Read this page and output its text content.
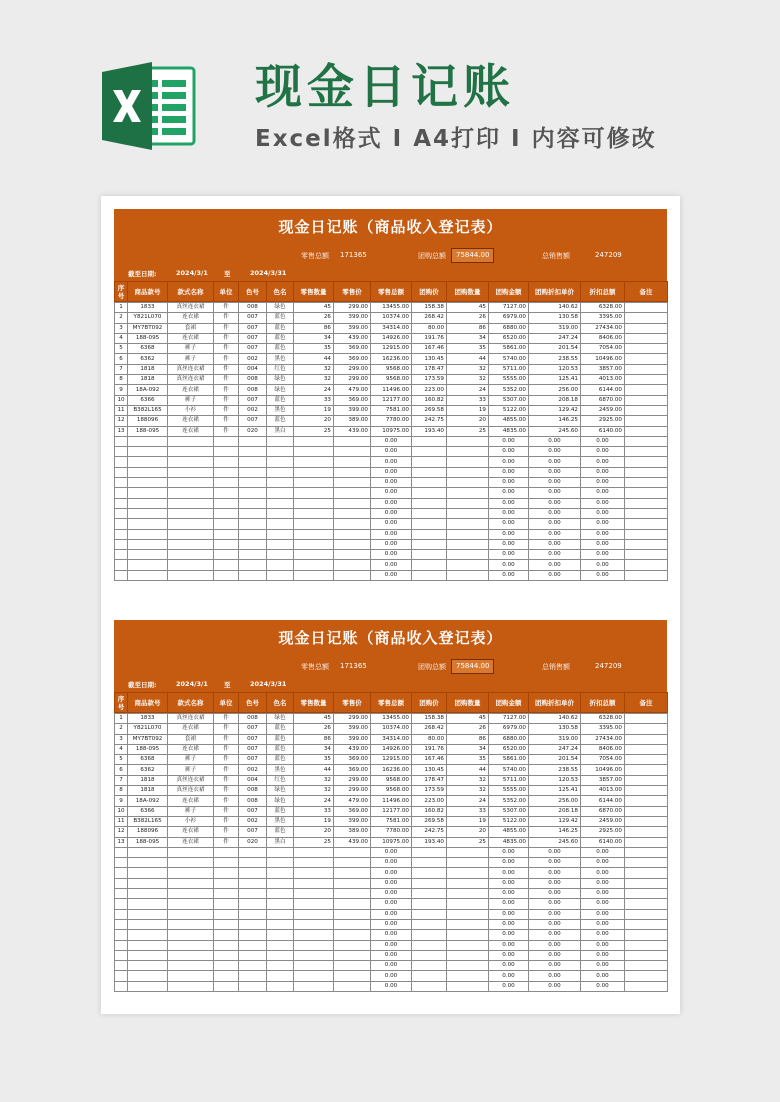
现金日记账
Excel格式 I A4打印 I 内容可修改
现金日记账（商品收入登记表）
零售总额 171365	团购总额	75844.00	总销售额	247209
截至日期:	2024/3/1 至	2024/3/31
序号	商品款号	款式名称	单位	色号	色名	零售数量	零售价	零售总额	团购价	团购数量	团购金额	团购折扣单价	折扣总额	备注
1	1833	真丝连衣裙	件	008	绿色	45	299.00	13455.00	158.38	45	7127.00	140.62	6328.00	
2	Y821L070	连衣裙	件	007	蓝色	26	399.00	10374.00	268.42	26	6979.00	130.58	3395.00	
3	MY7BT092	套裙	件	007	蓝色	86	399.00	34314.00	80.00	86	6880.00	319.00	27434.00	
4	188-095	连衣裙	件	007	蓝色	34	439.00	14926.00	191.76	34	6520.00	247.24	8406.00	
5	6368	裤子	件	007	蓝色	35	369.00	12915.00	167.46	35	5861.00	201.54	7054.00	
6	6362	裤子	件	002	黑色	44	369.00	16236.00	130.45	44	5740.00	238.55	10496.00	
7	1818	真丝连衣裙	件	004	红色	32	299.00	9568.00	178.47	32	5711.00	120.53	3857.00	
8	1818	真丝连衣裙	件	008	绿色	32	299.00	9568.00	173.59	32	5555.00	125.41	4013.00	
9	18A-092	连衣裙	件	008	绿色	24	479.00	11496.00	223.00	24	5352.00	256.00	6144.00	
10	6366	裤子	件	007	蓝色	33	369.00	12177.00	160.82	33	5307.00	208.18	6870.00	
11	B382L165	小衫	件	002	黑色	19	399.00	7581.00	269.58	19	5122.00	129.42	2459.00	
12	188096	连衣裙	件	007	蓝色	20	389.00	7780.00	242.75	20	4855.00	146.25	2925.00	
13	188-095	连衣裙	件	020	黑白	25	439.00	10975.00	193.40	25	4835.00	245.60	6140.00	
								0.00			0.00	0.00	0.00	
								0.00			0.00	0.00	0.00	
								0.00			0.00	0.00	0.00	
								0.00			0.00	0.00	0.00	
								0.00			0.00	0.00	0.00	
								0.00			0.00	0.00	0.00	
								0.00			0.00	0.00	0.00	
								0.00			0.00	0.00	0.00	
								0.00			0.00	0.00	0.00	
								0.00			0.00	0.00	0.00	
								0.00			0.00	0.00	0.00	
								0.00			0.00	0.00	0.00	
								0.00			0.00	0.00	0.00	
								0.00			0.00	0.00	0.00	
现金日记账（商品收入登记表）
零售总额 171365	团购总额	75844.00	总销售额	247209
截至日期:	2024/3/1 至	2024/3/31
序号	商品款号	款式名称	单位	色号	色名	零售数量	零售价	零售总额	团购价	团购数量	团购金额	团购折扣单价	折扣总额	备注
1	1833	真丝连衣裙	件	008	绿色	45	299.00	13455.00	158.38	45	7127.00	140.62	6328.00	
2	Y821L070	连衣裙	件	007	蓝色	26	399.00	10374.00	268.42	26	6979.00	130.58	3395.00	
3	MY7BT092	套裙	件	007	蓝色	86	399.00	34314.00	80.00	86	6880.00	319.00	27434.00	
4	188-095	连衣裙	件	007	蓝色	34	439.00	14926.00	191.76	34	6520.00	247.24	8406.00	
5	6368	裤子	件	007	蓝色	35	369.00	12915.00	167.46	35	5861.00	201.54	7054.00	
6	6362	裤子	件	002	黑色	44	369.00	16236.00	130.45	44	5740.00	238.55	10496.00	
7	1818	真丝连衣裙	件	004	红色	32	299.00	9568.00	178.47	32	5711.00	120.53	3857.00	
8	1818	真丝连衣裙	件	008	绿色	32	299.00	9568.00	173.59	32	5555.00	125.41	4013.00	
9	18A-092	连衣裙	件	008	绿色	24	479.00	11496.00	223.00	24	5352.00	256.00	6144.00	
10	6366	裤子	件	007	蓝色	33	369.00	12177.00	160.82	33	5307.00	208.18	6870.00	
11	B382L165	小衫	件	002	黑色	19	399.00	7581.00	269.58	19	5122.00	129.42	2459.00	
12	188096	连衣裙	件	007	蓝色	20	389.00	7780.00	242.75	20	4855.00	146.25	2925.00	
13	188-095	连衣裙	件	020	黑白	25	439.00	10975.00	193.40	25	4835.00	245.60	6140.00	
								0.00			0.00	0.00	0.00	
								0.00			0.00	0.00	0.00	
								0.00			0.00	0.00	0.00	
								0.00			0.00	0.00	0.00	
								0.00			0.00	0.00	0.00	
								0.00			0.00	0.00	0.00	
								0.00			0.00	0.00	0.00	
								0.00			0.00	0.00	0.00	
								0.00			0.00	0.00	0.00	
								0.00			0.00	0.00	0.00	
								0.00			0.00	0.00	0.00	
								0.00			0.00	0.00	0.00	
								0.00			0.00	0.00	0.00	
								0.00			0.00	0.00	0.00	
